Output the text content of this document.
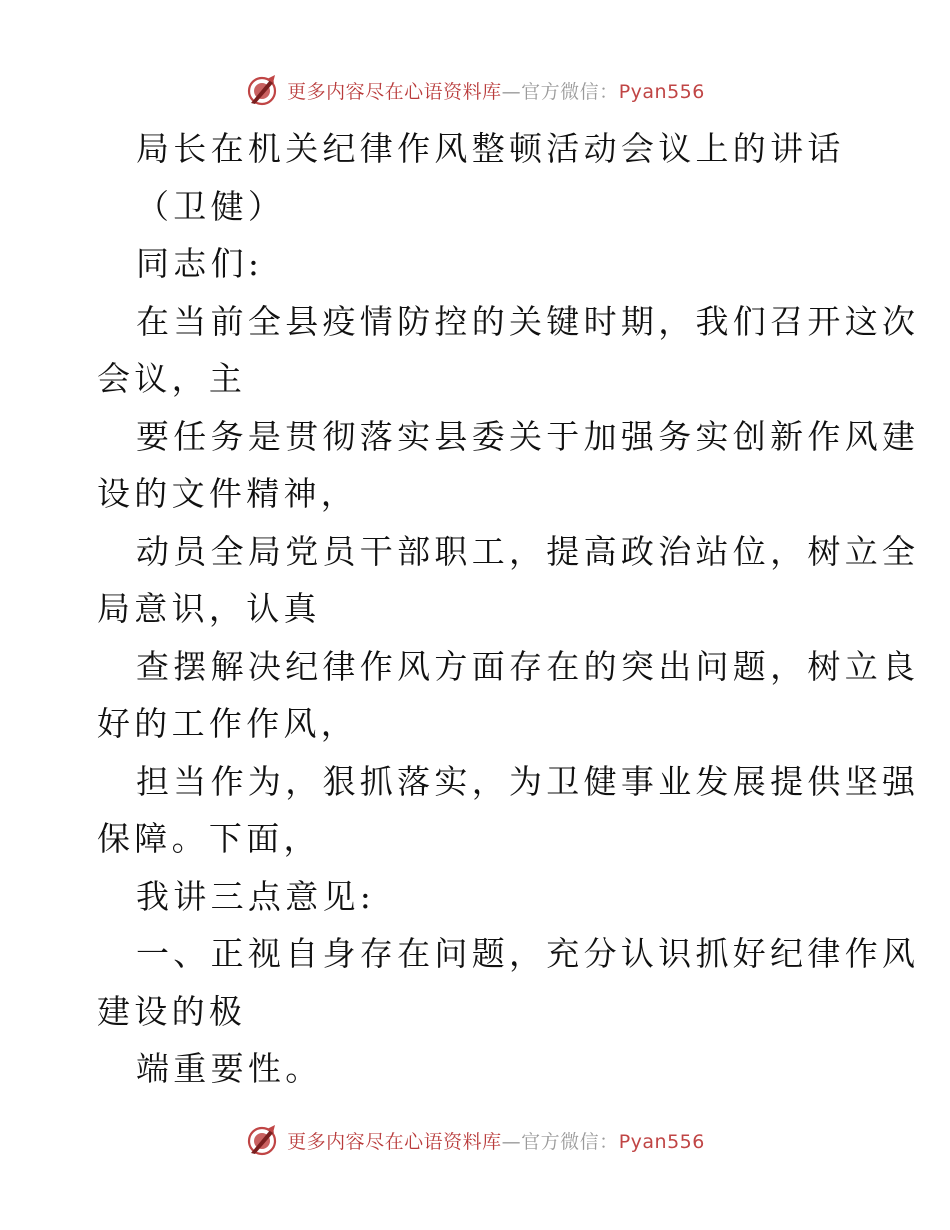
更多内容尽在心语资料库—官方微信：Pyan556
局长在机关纪律作风整顿活动会议上的讲话
（卫健）
同志们:
在当前全县疫情防控的关键时期，我们召开这次
会议，主
要任务是贯彻落实县委关于加强务实创新作风建
设的文件精神，
动员全局党员干部职工，提高政治站位，树立全
局意识，认真
查摆解决纪律作风方面存在的突出问题，树立良
好的工作作风，
担当作为，狠抓落实，为卫健事业发展提供坚强
保障。下面，
我讲三点意见:
一、正视自身存在问题，充分认识抓好纪律作风
建设的极
端重要性。
更多内容尽在心语资料库—官方微信：Pyan556
